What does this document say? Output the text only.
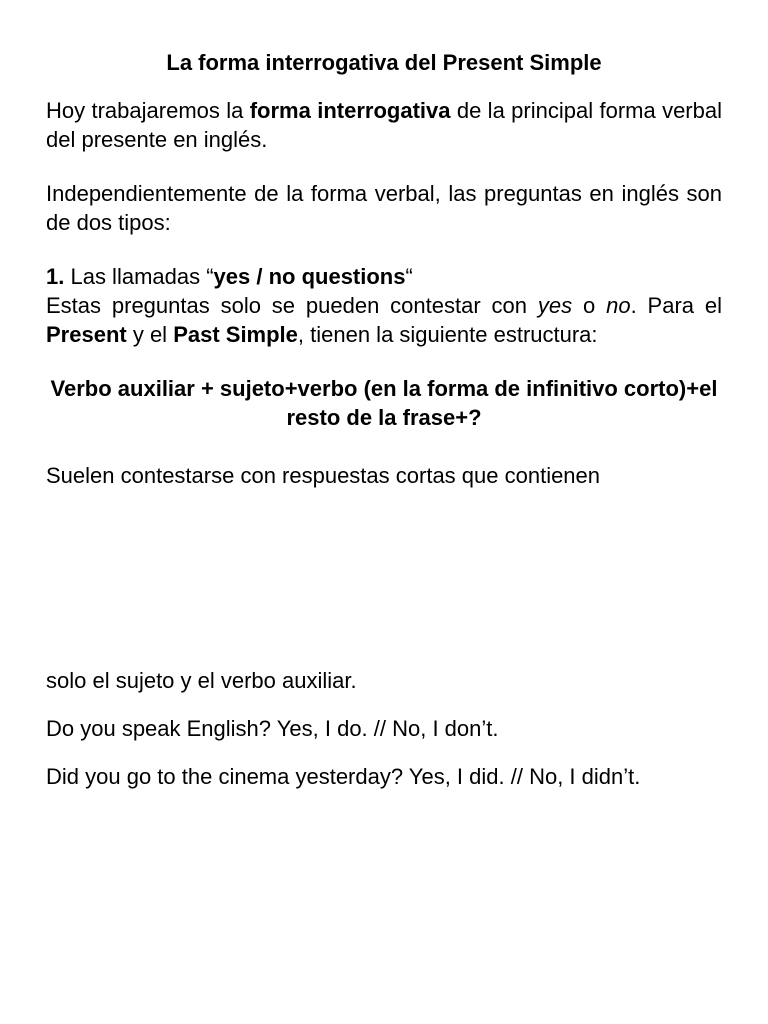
La forma interrogativa del Present Simple

Hoy trabajaremos la forma interrogativa de la principal forma verbal del presente en inglés.

Independientemente de la forma verbal, las preguntas en inglés son de dos tipos:

1. Las llamadas “yes / no questions“

Estas preguntas solo se pueden contestar con yes o no. Para el Present y el Past Simple, tienen la siguiente estructura:

Verbo auxiliar + sujeto+verbo (en la forma de infinitivo corto)+el resto de la frase+?

Suelen contestarse con respuestas cortas que contienen

solo el sujeto y el verbo auxiliar.

Do you speak English? Yes, I do. // No, I don’t.

Did you go to the cinema yesterday? Yes, I did. // No, I didn’t.
